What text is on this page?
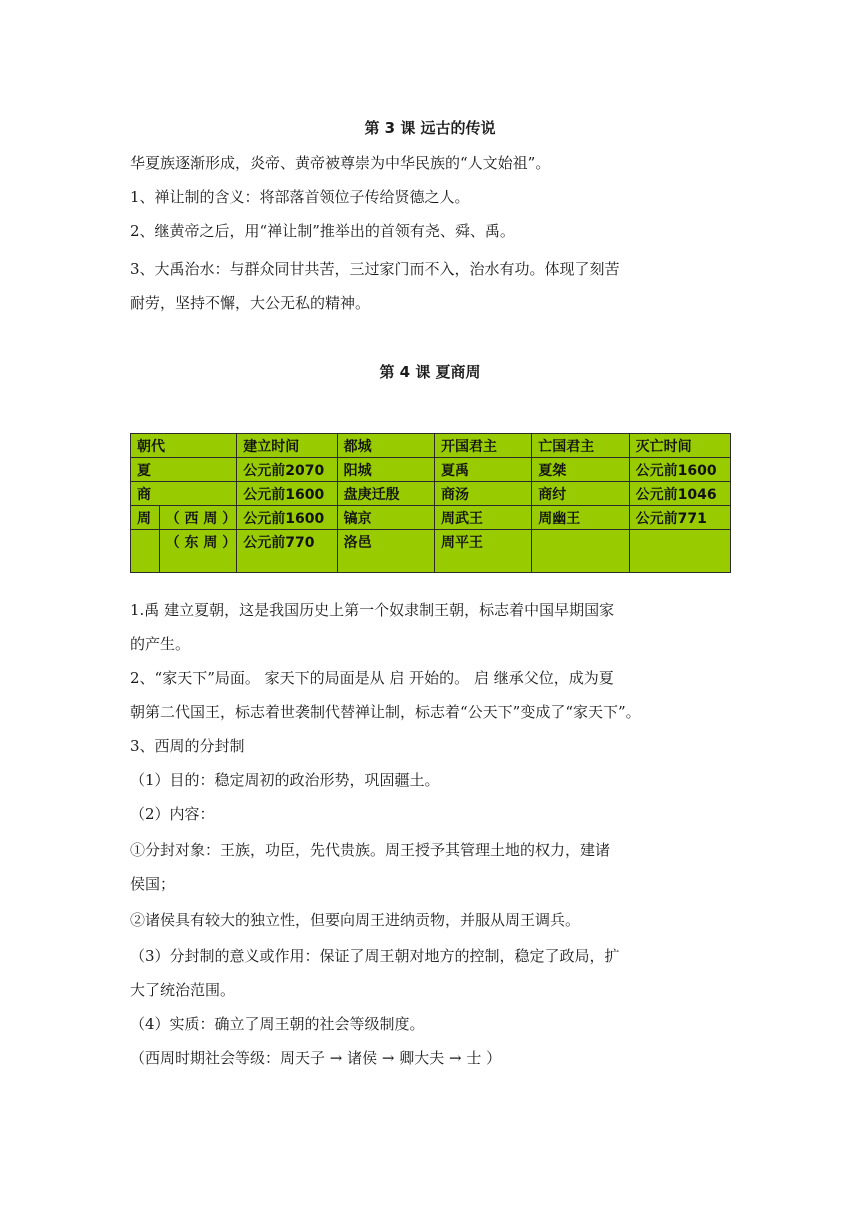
第 3 课 远古的传说
华夏族逐渐形成，炎帝、黄帝被尊崇为中华民族的“人文始祖”。
1、禅让制的含义：将部落首领位子传给贤德之人。
2、继黄帝之后，用“禅让制”推举出的首领有尧、舜、禹。
3、大禹治水：与群众同甘共苦，三过家门而不入，治水有功。体现了刻苦
耐劳，坚持不懈，大公无私的精神。
第 4 课 夏商周
朝代		建立时间	都城	开国君主	亡国君主	灭亡时间
夏		公元前2070	阳城	夏禹	夏桀	公元前1600
商		公元前1600	盘庚迁殷	商汤	商纣	公元前1046
周	（ 西 周 ）	公元前1600	镐京	周武王	周幽王	公元前771
	（ 东 周 ）	公元前770	洛邑	周平王		
1.禹 建立夏朝，这是我国历史上第一个奴隶制王朝，标志着中国早期国家
的产生。
2、“家天下”局面。 家天下的局面是从 启 开始的。 启 继承父位，成为夏
朝第二代国王，标志着世袭制代替禅让制，标志着“公天下”变成了“家天下”。
3、西周的分封制
（1）目的：稳定周初的政治形势，巩固疆土。
（2）内容：
①分封对象：王族，功臣，先代贵族。周王授予其管理土地的权力，建诸
侯国；
②诸侯具有较大的独立性，但要向周王进纳贡物，并服从周王调兵。
（3）分封制的意义或作用：保证了周王朝对地方的控制，稳定了政局，扩
大了统治范围。
（4）实质：确立了周王朝的社会等级制度。
（西周时期社会等级：周天子 → 诸侯 → 卿大夫 → 士 ）
